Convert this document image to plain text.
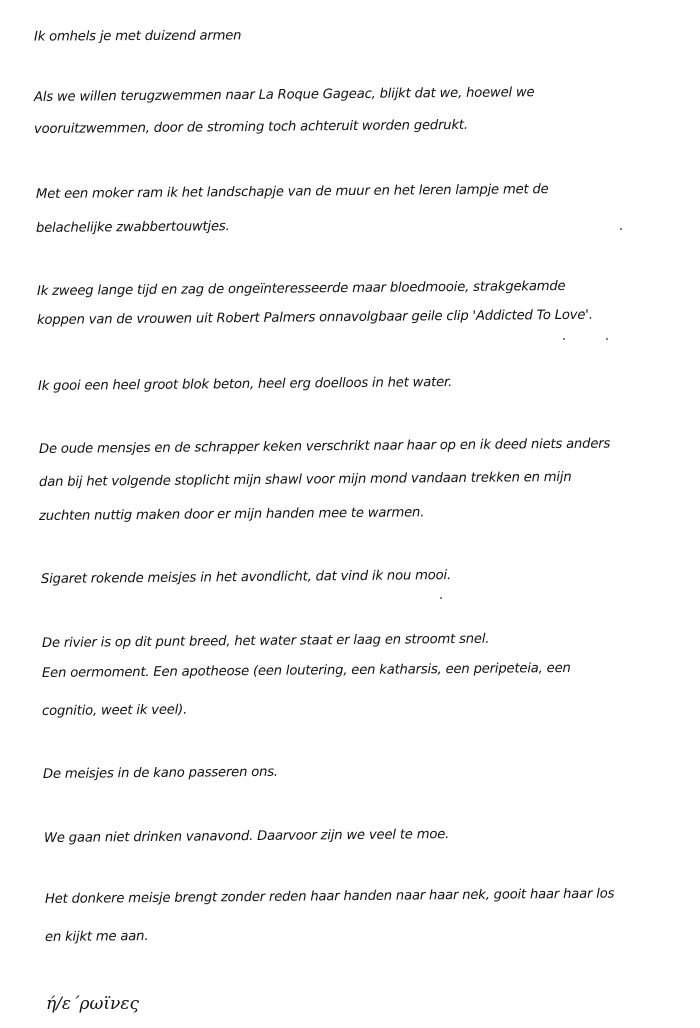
Ik omhels je met duizend armen
Als we willen terugzwemmen naar La Roque Gageac, blijkt dat we, hoewel we
vooruitzwemmen, door de stroming toch achteruit worden gedrukt.
Met een moker ram ik het landschapje van de muur en het leren lampje met de
belachelijke zwabbertouwtjes.
Ik zweeg lange tijd en zag de ongeïnteresseerde maar bloedmooie, strakgekamde
koppen van de vrouwen uit Robert Palmers onnavolgbaar geile clip 'Addicted To Love'.
Ik gooi een heel groot blok beton, heel erg doelloos in het water.
De oude mensjes en de schrapper keken verschrikt naar haar op en ik deed niets anders
dan bij het volgende stoplicht mijn shawl voor mijn mond vandaan trekken en mijn
zuchten nuttig maken door er mijn handen mee te warmen.
Sigaret rokende meisjes in het avondlicht, dat vind ik nou mooi.
De rivier is op dit punt breed, het water staat er laag en stroomt snel.
Een oermoment. Een apotheose (een loutering, een katharsis, een peripeteia, een
cognitio, weet ik veel).
De meisjes in de kano passeren ons.
We gaan niet drinken vanavond. Daarvoor zijn we veel te moe.
Het donkere meisje brengt zonder reden haar handen naar haar nek, gooit haar haar los
en kijkt me aan.
ή/ε΄ρωϊνες
